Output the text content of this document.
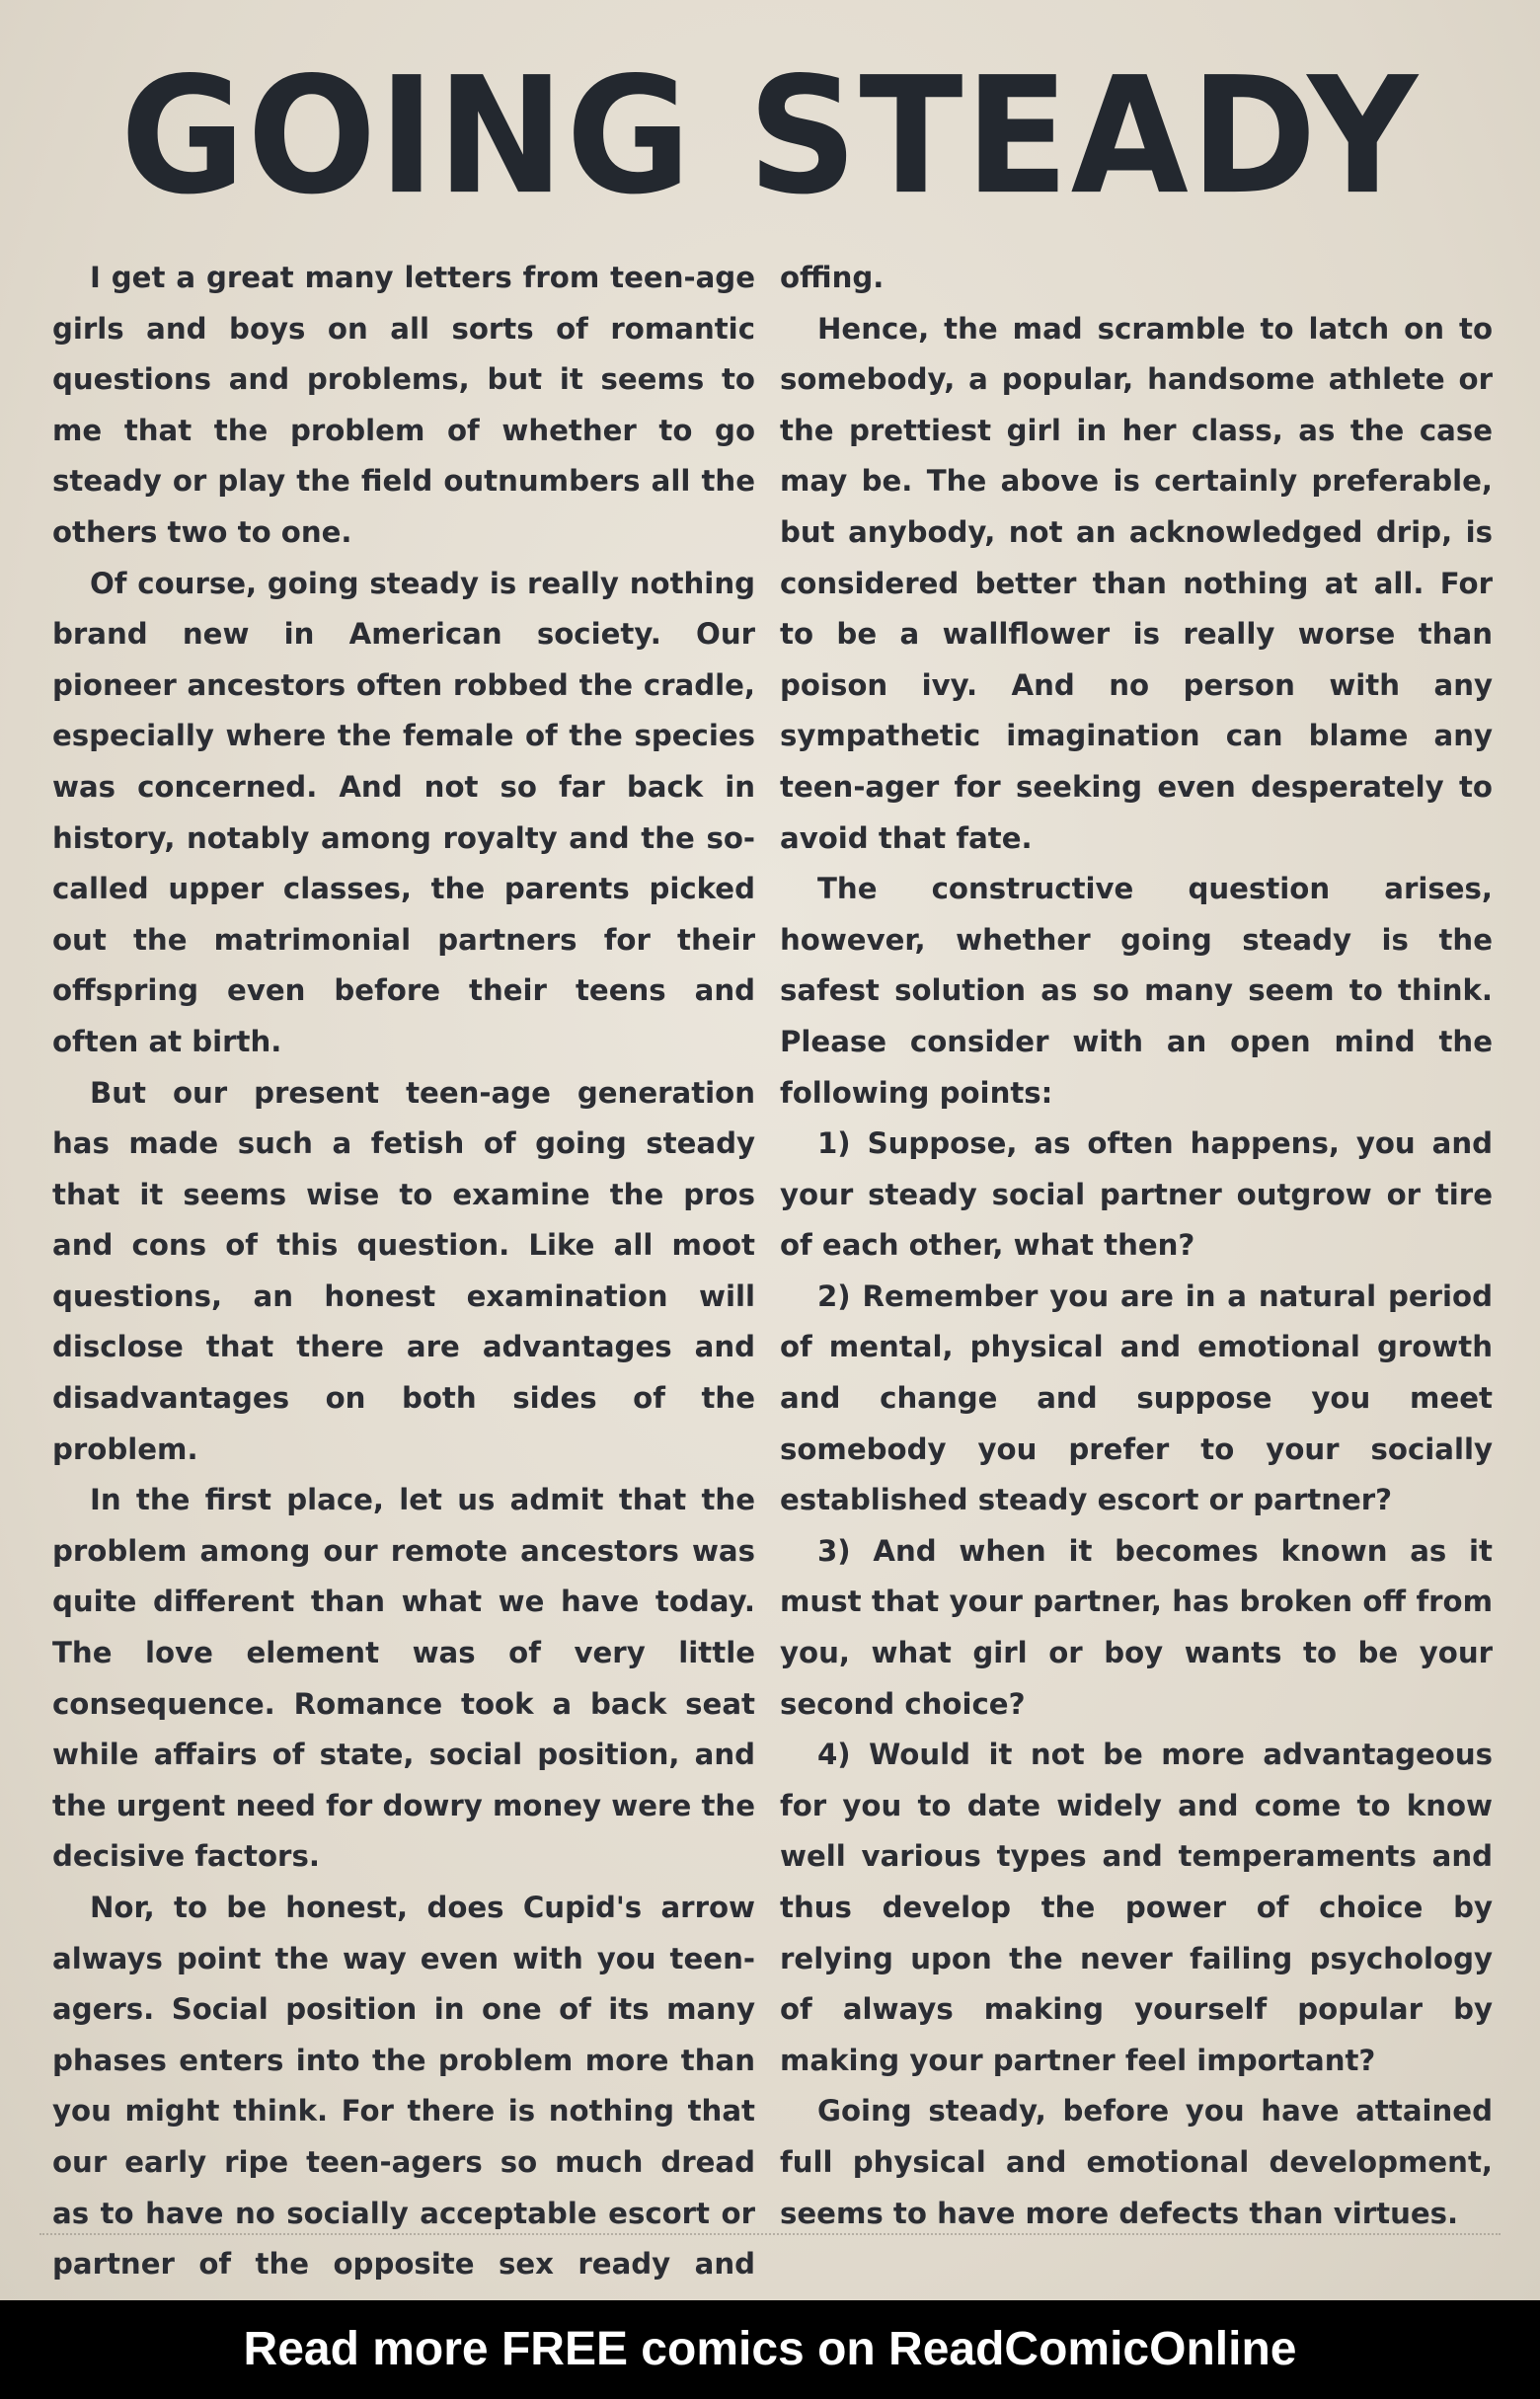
GOING STEADY

I get a great many letters from teen-age girls and boys on all sorts of romantic questions and problems, but it seems to me that the problem of whether to go steady or play the field outnumbers all the others two to one.

Of course, going steady is really nothing brand new in American society. Our pioneer ancestors often robbed the cradle, especially where the female of the species was concerned. And not so far back in history, notably among royalty and the so-called upper classes, the parents picked out the matrimonial partners for their offspring even before their teens and often at birth.

But our present teen-age generation has made such a fetish of going steady that it seems wise to examine the pros and cons of this question. Like all moot questions, an honest examination will disclose that there are advantages and disadvantages on both sides of the problem.

In the first place, let us admit that the problem among our remote ancestors was quite different than what we have today. The love element was of very little consequence. Romance took a back seat while affairs of state, social position, and the urgent need for dowry money were the decisive factors.

Nor, to be honest, does Cupid's arrow always point the way even with you teen-agers. Social position in one of its many phases enters into the problem more than you might think. For there is nothing that our early ripe teen-agers so much dread as to have no socially acceptable escort or partner of the opposite sex ready and

offing.

Hence, the mad scramble to latch on to somebody, a popular, handsome athlete or the prettiest girl in her class, as the case may be. The above is certainly preferable, but anybody, not an acknowledged drip, is considered better than nothing at all. For to be a wallflower is really worse than poison ivy. And no person with any sympathetic imagination can blame any teen-ager for seeking even desperately to avoid that fate.

The constructive question arises, however, whether going steady is the safest solution as so many seem to think. Please consider with an open mind the following points:

1) Suppose, as often happens, you and your steady social partner outgrow or tire of each other, what then?

2) Remember you are in a natural period of mental, physical and emotional growth and change and suppose you meet somebody you prefer to your socially established steady escort or partner?

3) And when it becomes known as it must that your partner, has broken off from you, what girl or boy wants to be your second choice?

4) Would it not be more advantageous for you to date widely and come to know well various types and temperaments and thus develop the power of choice by relying upon the never failing psychology of always making yourself popular by making your partner feel important?

Going steady, before you have attained full physical and emotional development, seems to have more defects than virtues.

Read more FREE comics on ReadComicOnline
